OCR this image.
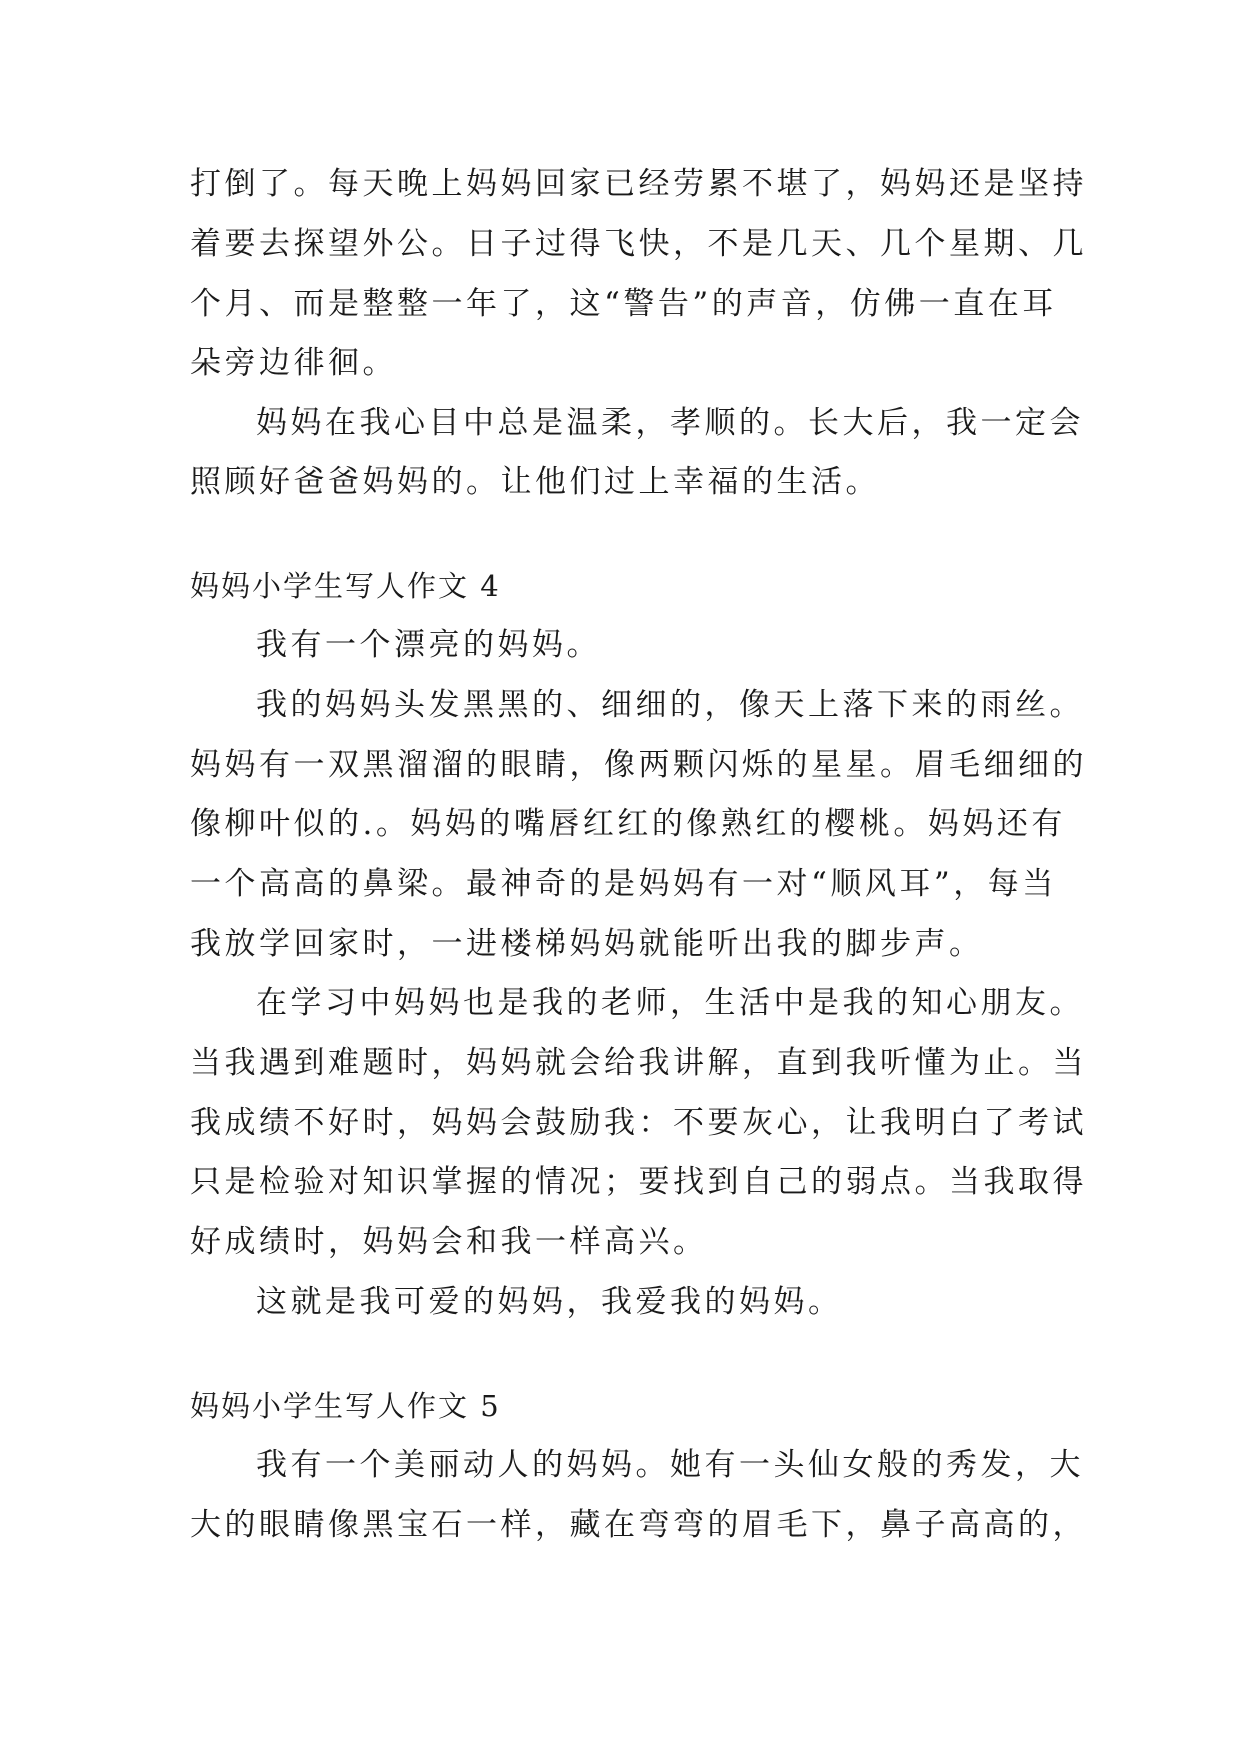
打倒了。每天晚上妈妈回家已经劳累不堪了，妈妈还是坚持

着要去探望外公。日子过得飞快，不是几天、几个星期、几

个月、而是整整一年了，这“警告”的声音，仿佛一直在耳

朵旁边徘徊。

妈妈在我心目中总是温柔，孝顺的。长大后，我一定会

照顾好爸爸妈妈的。让他们过上幸福的生活。

妈妈小学生写人作文 4

我有一个漂亮的妈妈。

我的妈妈头发黑黑的、细细的，像天上落下来的雨丝。

妈妈有一双黑溜溜的眼睛，像两颗闪烁的星星。眉毛细细的

像柳叶似的.。妈妈的嘴唇红红的像熟红的樱桃。妈妈还有

一个高高的鼻梁。最神奇的是妈妈有一对“顺风耳”，每当

我放学回家时，一进楼梯妈妈就能听出我的脚步声。

在学习中妈妈也是我的老师，生活中是我的知心朋友。

当我遇到难题时，妈妈就会给我讲解，直到我听懂为止。当

我成绩不好时，妈妈会鼓励我：不要灰心，让我明白了考试

只是检验对知识掌握的情况；要找到自己的弱点。当我取得

好成绩时，妈妈会和我一样高兴。

这就是我可爱的妈妈，我爱我的妈妈。

妈妈小学生写人作文 5

我有一个美丽动人的妈妈。她有一头仙女般的秀发，大

大的眼睛像黑宝石一样，藏在弯弯的眉毛下，鼻子高高的，
